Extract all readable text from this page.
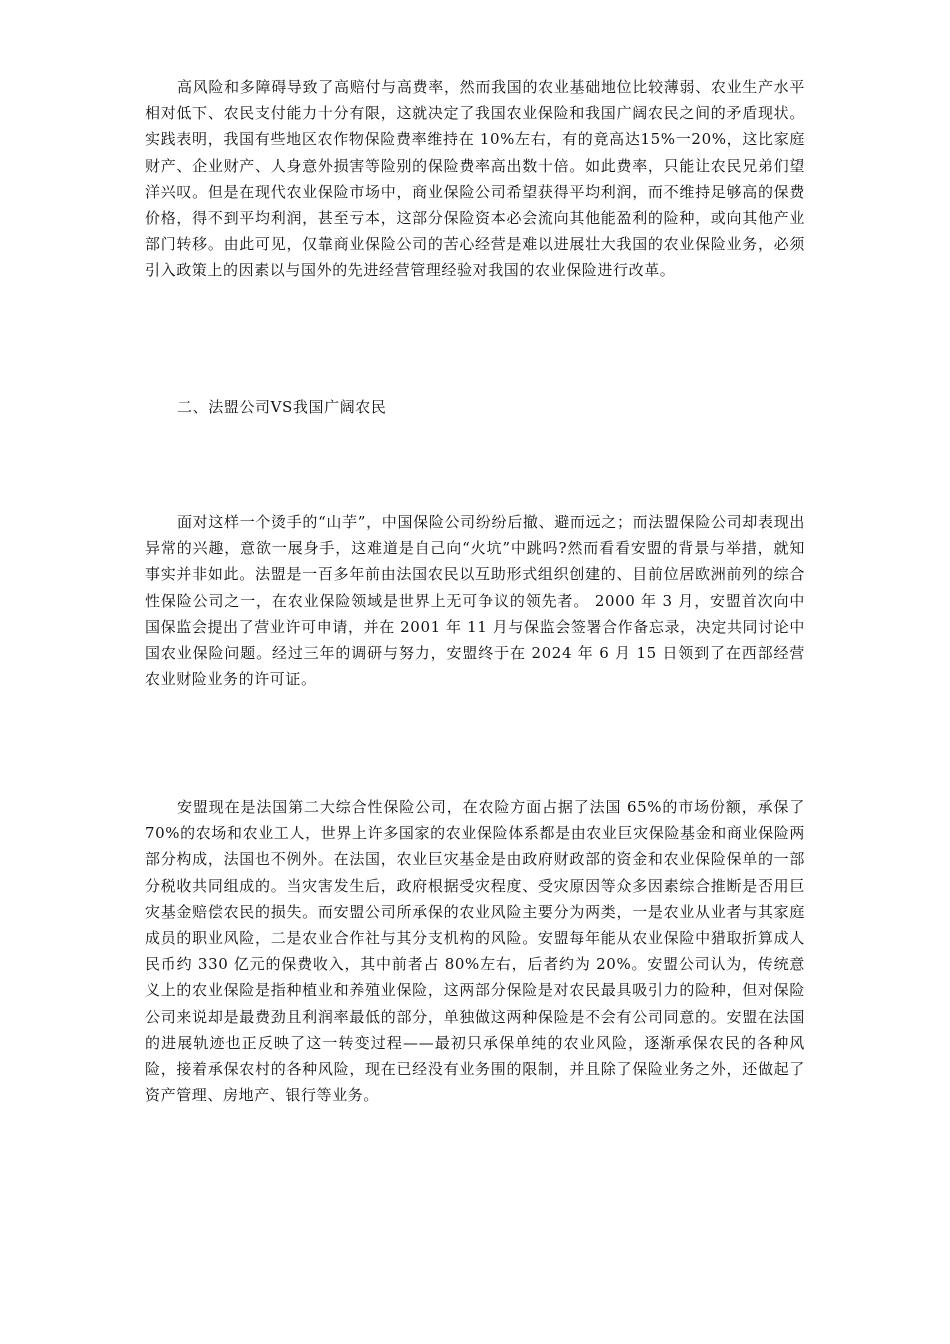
高风险和多障碍导致了高赔付与高费率，然而我国的农业基础地位比较薄弱、农业生产水平相对低下、农民支付能力十分有限，这就决定了我国农业保险和我国广阔农民之间的矛盾现状。实践表明，我国有些地区农作物保险费率维持在 10%左右，有的竟高达15%一20%，这比家庭财产、企业财产、人身意外损害等险别的保险费率高出数十倍。如此费率，只能让农民兄弟们望洋兴叹。但是在现代农业保险市场中，商业保险公司希望获得平均利润，而不维持足够高的保费价格，得不到平均利润，甚至亏本，这部分保险资本必会流向其他能盈利的险种，或向其他产业部门转移。由此可见，仅靠商业保险公司的苦心经营是难以进展壮大我国的农业保险业务，必须引入政策上的因素以与国外的先进经营管理经验对我国的农业保险进行改革。

二、法盟公司VS我国广阔农民

面对这样一个烫手的“山芋”，中国保险公司纷纷后撤、避而远之；而法盟保险公司却表现出异常的兴趣，意欲一展身手，这难道是自己向“火坑”中跳吗?然而看看安盟的背景与举措，就知事实并非如此。法盟是一百多年前由法国农民以互助形式组织创建的、目前位居欧洲前列的综合性保险公司之一，在农业保险领域是世界上无可争议的领先者。 2000 年 3 月，安盟首次向中国保监会提出了营业许可申请，并在 2001 年 11 月与保监会签署合作备忘录，决定共同讨论中国农业保险问题。经过三年的调研与努力，安盟终于在 2024 年 6 月 15 日领到了在西部经营农业财险业务的许可证。

安盟现在是法国第二大综合性保险公司，在农险方面占据了法国 65%的市场份额，承保了 70%的农场和农业工人，世界上许多国家的农业保险体系都是由农业巨灾保险基金和商业保险两部分构成，法国也不例外。在法国，农业巨灾基金是由政府财政部的资金和农业保险保单的一部分税收共同组成的。当灾害发生后，政府根据受灾程度、受灾原因等众多因素综合推断是否用巨灾基金赔偿农民的损失。而安盟公司所承保的农业风险主要分为两类，一是农业从业者与其家庭成员的职业风险，二是农业合作社与其分支机构的风险。安盟每年能从农业保险中猎取折算成人民币约 330 亿元的保费收入，其中前者占 80%左右，后者约为 20%。安盟公司认为，传统意义上的农业保险是指种植业和养殖业保险，这两部分保险是对农民最具吸引力的险种，但对保险公司来说却是最费劲且利润率最低的部分，单独做这两种保险是不会有公司同意的。安盟在法国的进展轨迹也正反映了这一转变过程——最初只承保单纯的农业风险，逐渐承保农民的各种风险，接着承保农村的各种风险，现在已经没有业务围的限制，并且除了保险业务之外，还做起了资产管理、房地产、银行等业务。
